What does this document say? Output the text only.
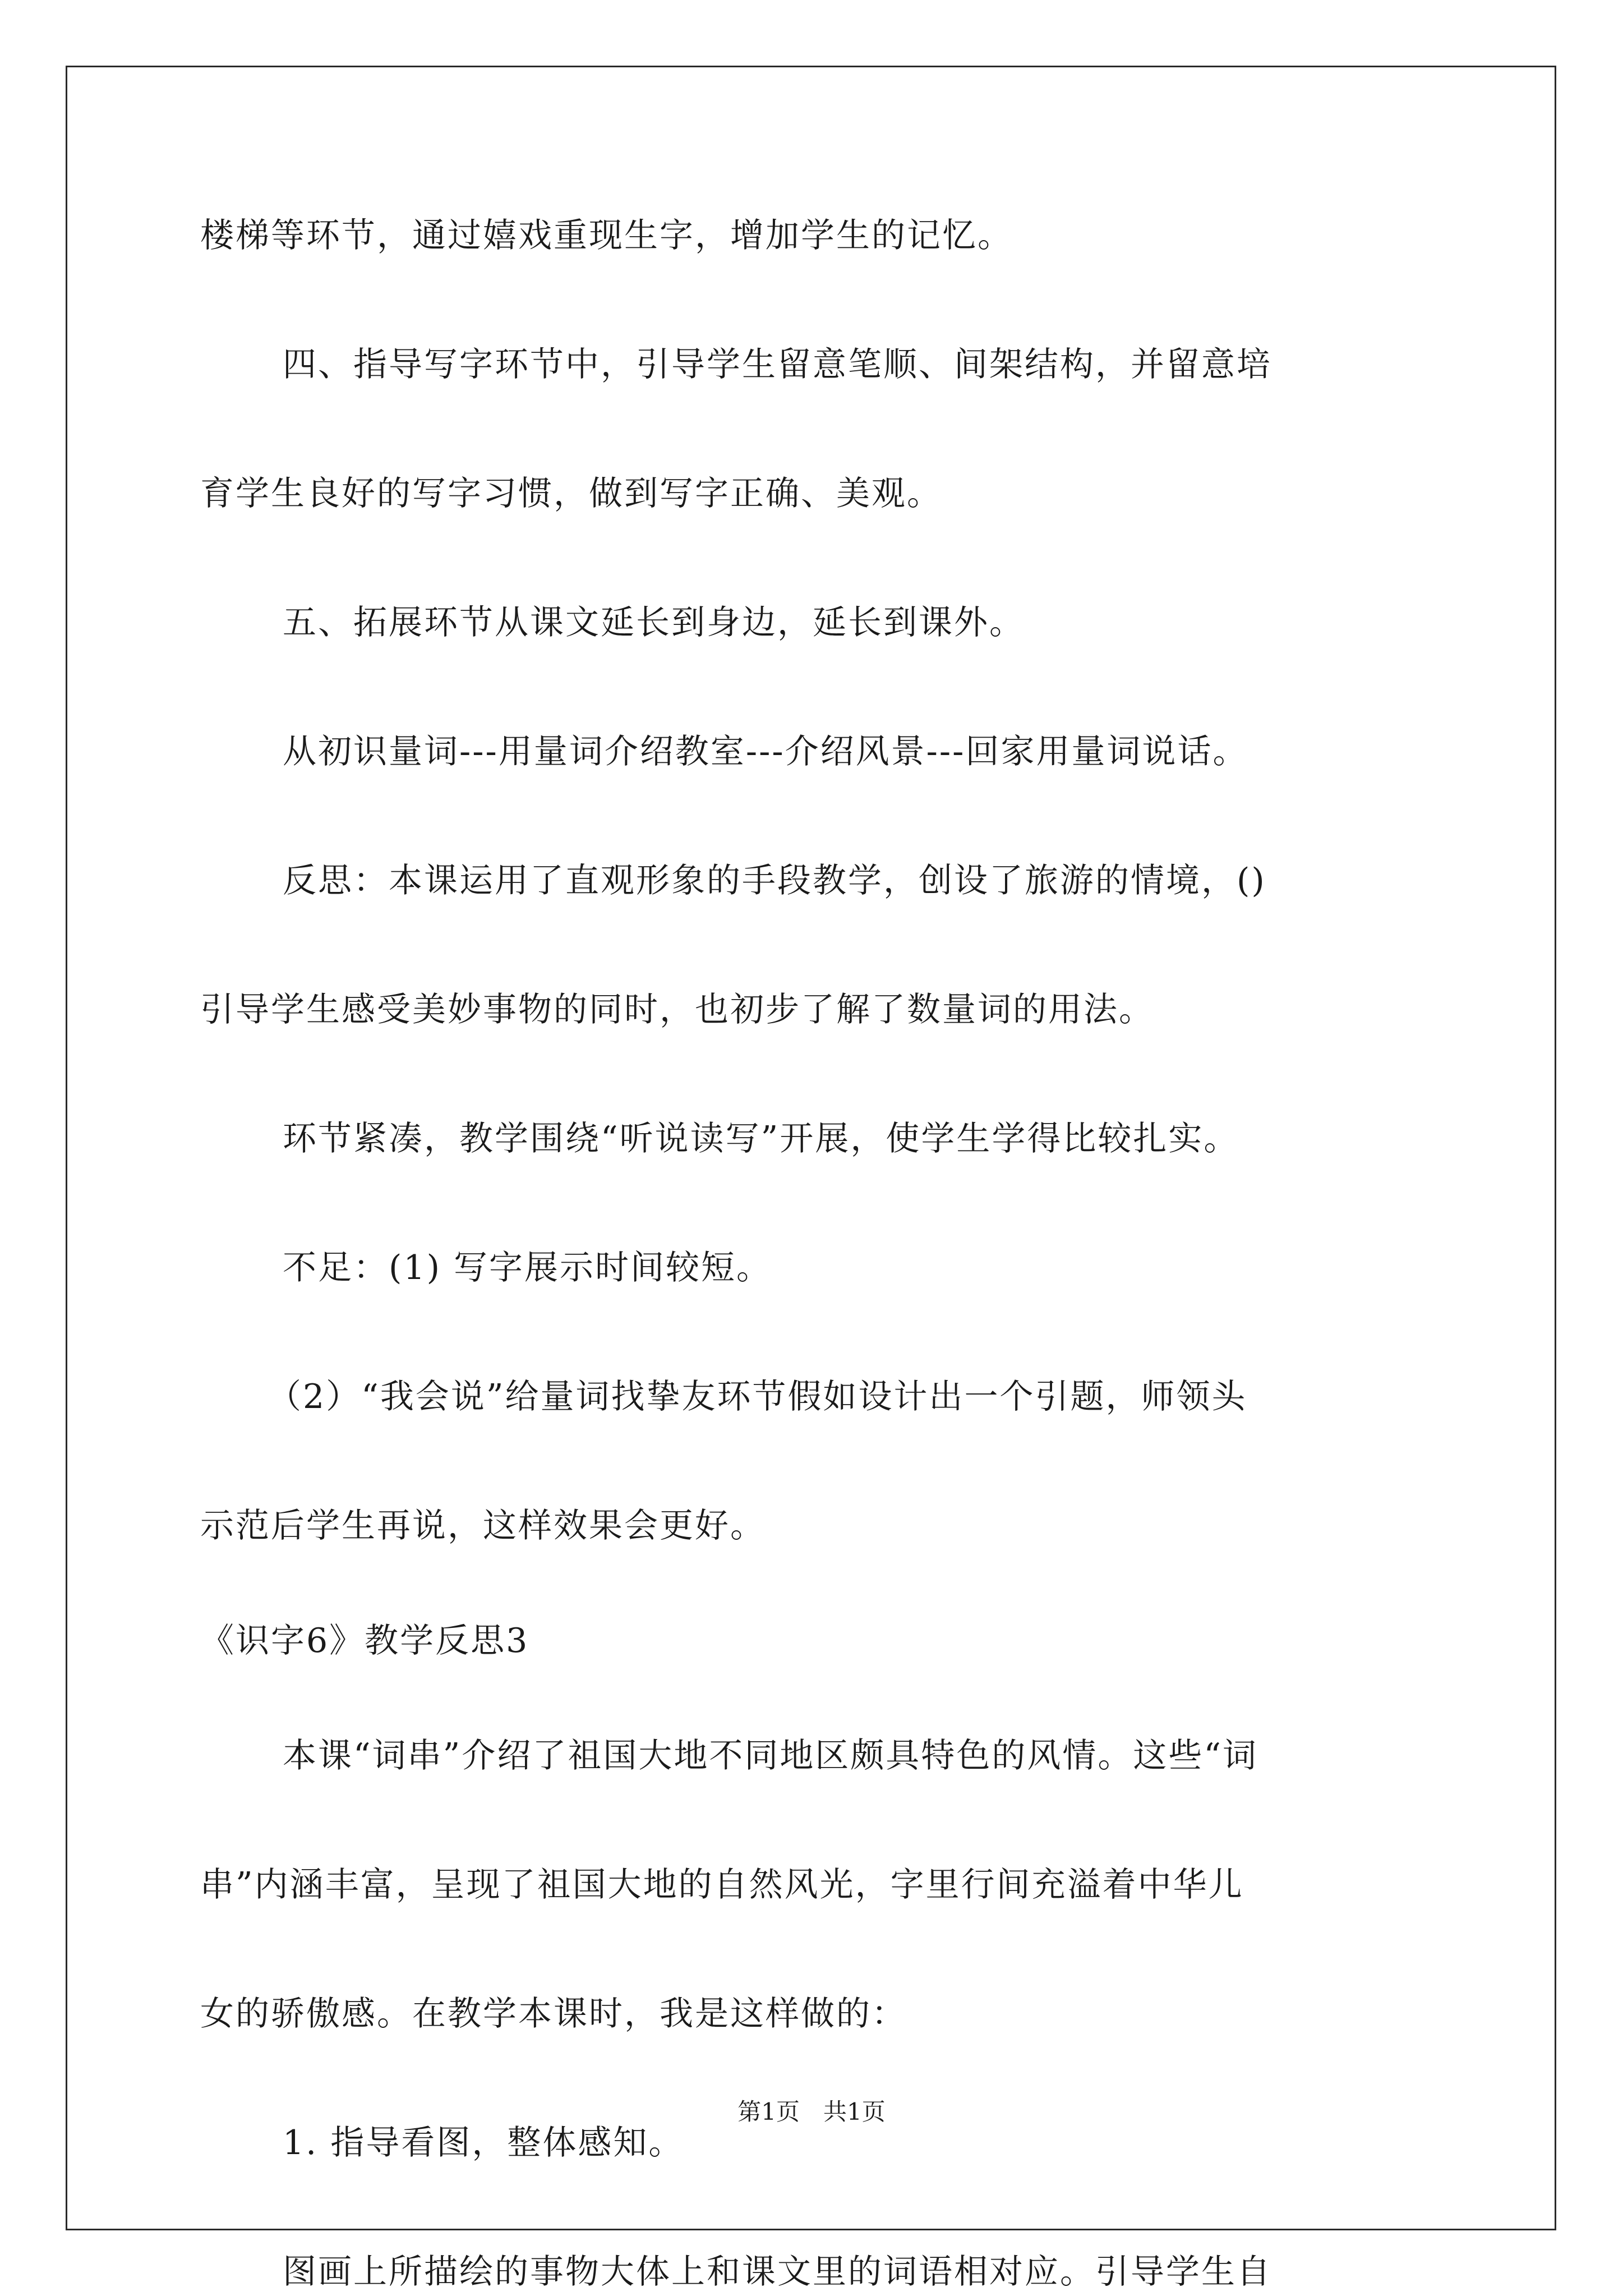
楼梯等环节，通过嬉戏重现生字，增加学生的记忆。
四、指导写字环节中，引导学生留意笔顺、间架结构，并留意培
育学生良好的写字习惯，做到写字正确、美观。
五、拓展环节从课文延长到身边，延长到课外。
从初识量词---用量词介绍教室---介绍风景---回家用量词说话。
反思：本课运用了直观形象的手段教学，创设了旅游的情境，()
引导学生感受美妙事物的同时，也初步了解了数量词的用法。
环节紧凑，教学围绕“听说读写”开展，使学生学得比较扎实。
不足：(1) 写字展示时间较短。
（2）“我会说”给量词找挚友环节假如设计出一个引题，师领头
示范后学生再说，这样效果会更好。
《识字6》教学反思3
本课“词串”介绍了祖国大地不同地区颇具特色的风情。这些“词
串”内涵丰富，呈现了祖国大地的自然风光，字里行间充溢着中华儿
女的骄傲感。在教学本课时，我是这样做的：
1. 指导看图，整体感知。
图画上所描绘的事物大体上和课文里的词语相对应。引导学生自
第1页　共1页
